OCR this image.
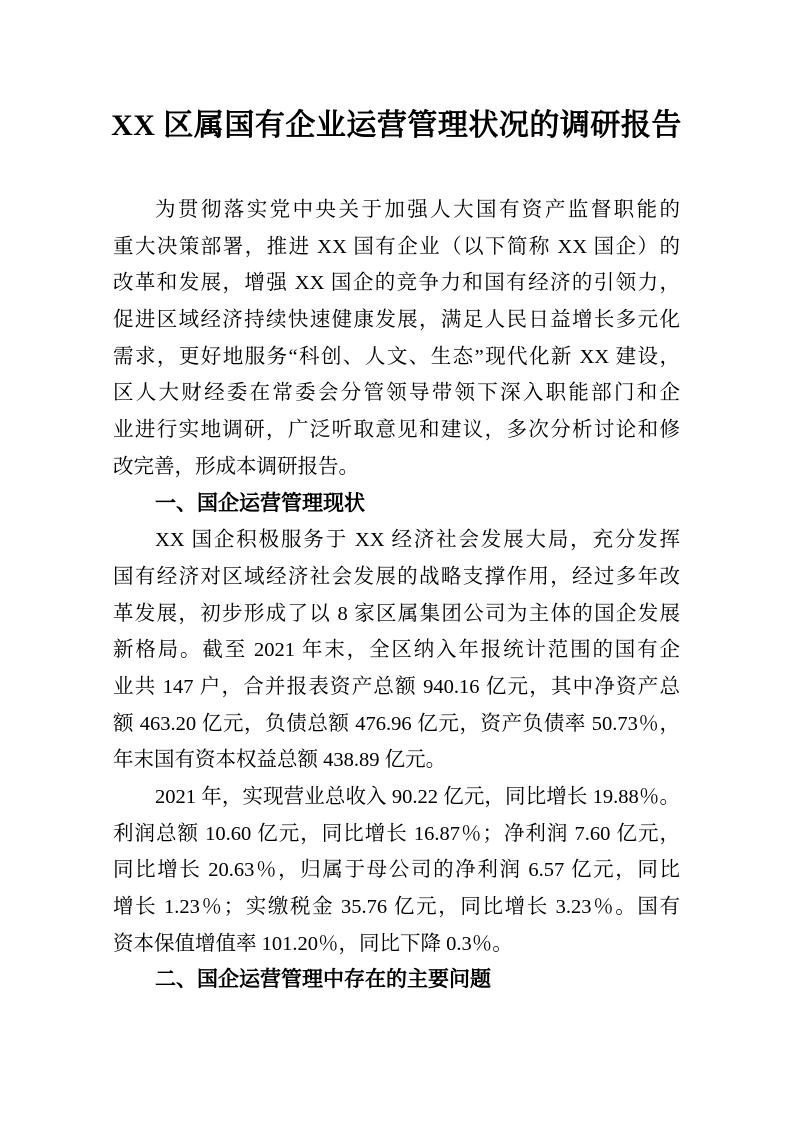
XX 区属国有企业运营管理状况的调研报告
为贯彻落实党中央关于加强人大国有资产监督职能的
重大决策部署，推进 XX 国有企业（以下简称 XX 国企）的
改革和发展，增强 XX 国企的竞争力和国有经济的引领力，
促进区域经济持续快速健康发展，满足人民日益增长多元化
需求，更好地服务“科创、人文、生态”现代化新 XX 建设，
区人大财经委在常委会分管领导带领下深入职能部门和企
业进行实地调研，广泛听取意见和建议，多次分析讨论和修
改完善，形成本调研报告。
一、国企运营管理现状
XX 国企积极服务于 XX 经济社会发展大局，充分发挥
国有经济对区域经济社会发展的战略支撑作用，经过多年改
革发展，初步形成了以 8 家区属集团公司为主体的国企发展
新格局。截至 2021 年末，全区纳入年报统计范围的国有企
业共 147 户，合并报表资产总额 940.16 亿元，其中净资产总
额 463.20 亿元，负债总额 476.96 亿元，资产负债率 50.73％，
年末国有资本权益总额 438.89 亿元。
2021 年，实现营业总收入 90.22 亿元，同比增长 19.88％。
利润总额 10.60 亿元，同比增长 16.87％；净利润 7.60 亿元，
同比增长 20.63％，归属于母公司的净利润 6.57 亿元，同比
增长 1.23％；实缴税金 35.76 亿元，同比增长 3.23％。国有
资本保值增值率 101.20％，同比下降 0.3％。
二、国企运营管理中存在的主要问题
